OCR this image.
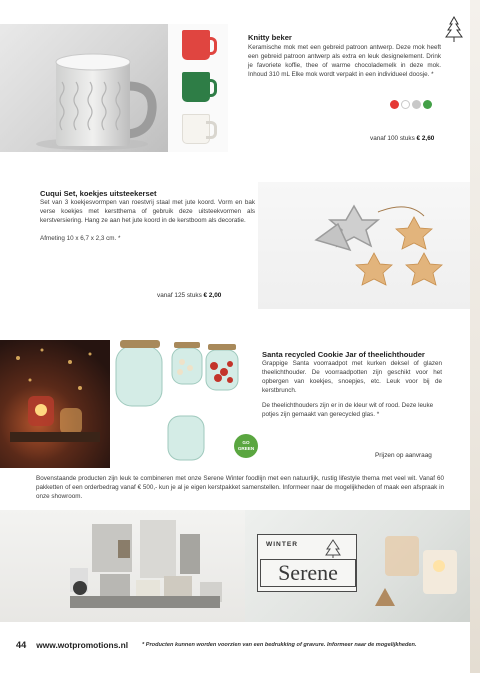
Knitty beker
Keramische mok met een gebreid patroon antwerp. Deze mok heeft een gebreid patroon antwerp als extra en leuk designelement. Drink je favoriete koffie, thee of warme chocolademelk in deze mok. Inhoud 310 mL Elke mok wordt verpakt in een individueel doosje. *
vanaf 100 stuks € 2,60
Cuqui Set, koekjes uitsteekerset
Set van 3 koekjesvormpen van roestvrij staal met jute koord. Vorm en bak verse koekjes met kerstthema of gebruik deze uitsteekvormen als kerstversiering. Hang ze aan het jute koord in de kerstboom als decoratie.
Afmeting 10 x 6,7 x 2,3 cm. *
vanaf 125 stuks € 2,00
Santa recycled Cookie Jar of theelichthouder
Grappige Santa voorraadpot met kurken deksel of glazen theelichthouder. De voorraadpotten zijn geschikt voor het opbergen van koekjes, snoepjes, etc. Leuk voor bij de kerstbrunch.
De theelichthouders zijn er in de kleur wit of rood. Deze leuke potjes zijn gemaakt van gerecycled glas. *
GO
GREEN
Prijzen op aanvraag
Bovenstaande producten zijn leuk te combineren met onze Serene Winter foodlijn met een natuurlijk, rustig lifestyle thema met veel wit. Vanaf 60 pakketten of een orderbedrag vanaf € 500,- kun je al je eigen kerstpakket samenstellen. Informeer naar de mogelijkheden of maak een afspraak in onze showroom.
WINTER
Serene
44 www.wotpromotions.nl	* Producten kunnen worden voorzien van een bedrukking of gravure. Informeer naar de mogelijkheden.
